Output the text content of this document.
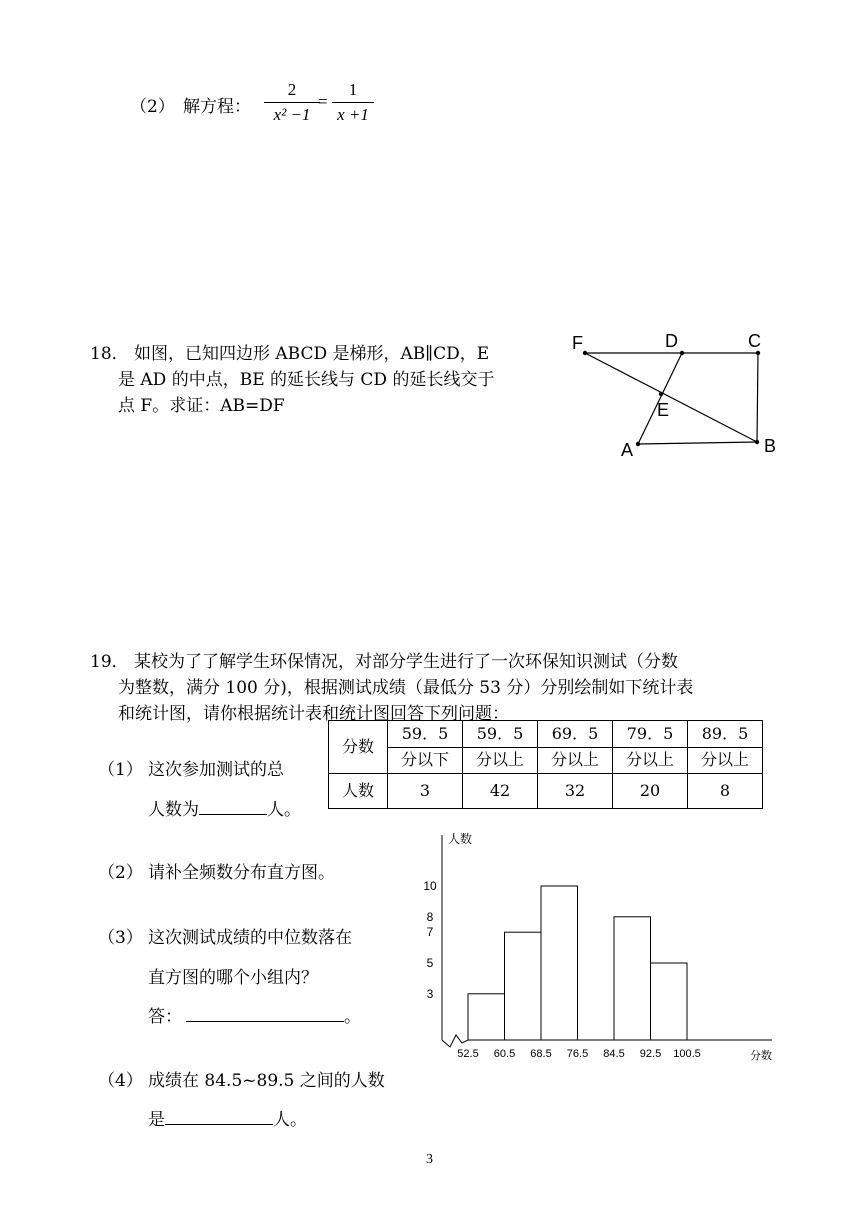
（2） 解方程：
2
x² −1
=
1
x +1
18． 如图，已知四边形 ABCD 是梯形，AB∥CD，E
是 AD 的中点，BE 的延长线与 CD 的延长线交于
点 F。求证：AB=DF
F	D	C
E
A	B
19． 某校为了了解学生环保情况，对部分学生进行了一次环保知识测试（分数
为整数，满分 100 分)，根据测试成绩（最低分 53 分）分别绘制如下统计表
和统计图，请你根据统计表和统计图回答下列问题：
分数	59．5	59．5	69．5	79．5	89．5
	分以下	分以上	分以上	分以上	分以上
人数	3	42	32	20	8
（1） 这次参加测试的总
人数为	人。
（2） 请补全频数分布直方图。
（3） 这次测试成绩的中位数落在
直方图的哪个小组内？
答：	。
（4） 成绩在 84.5~89.5 之间的人数
是	人。
人数
分数
3
5
7
8
10
52.5 60.5 68.5 76.5 84.5 92.5 100.5
3
